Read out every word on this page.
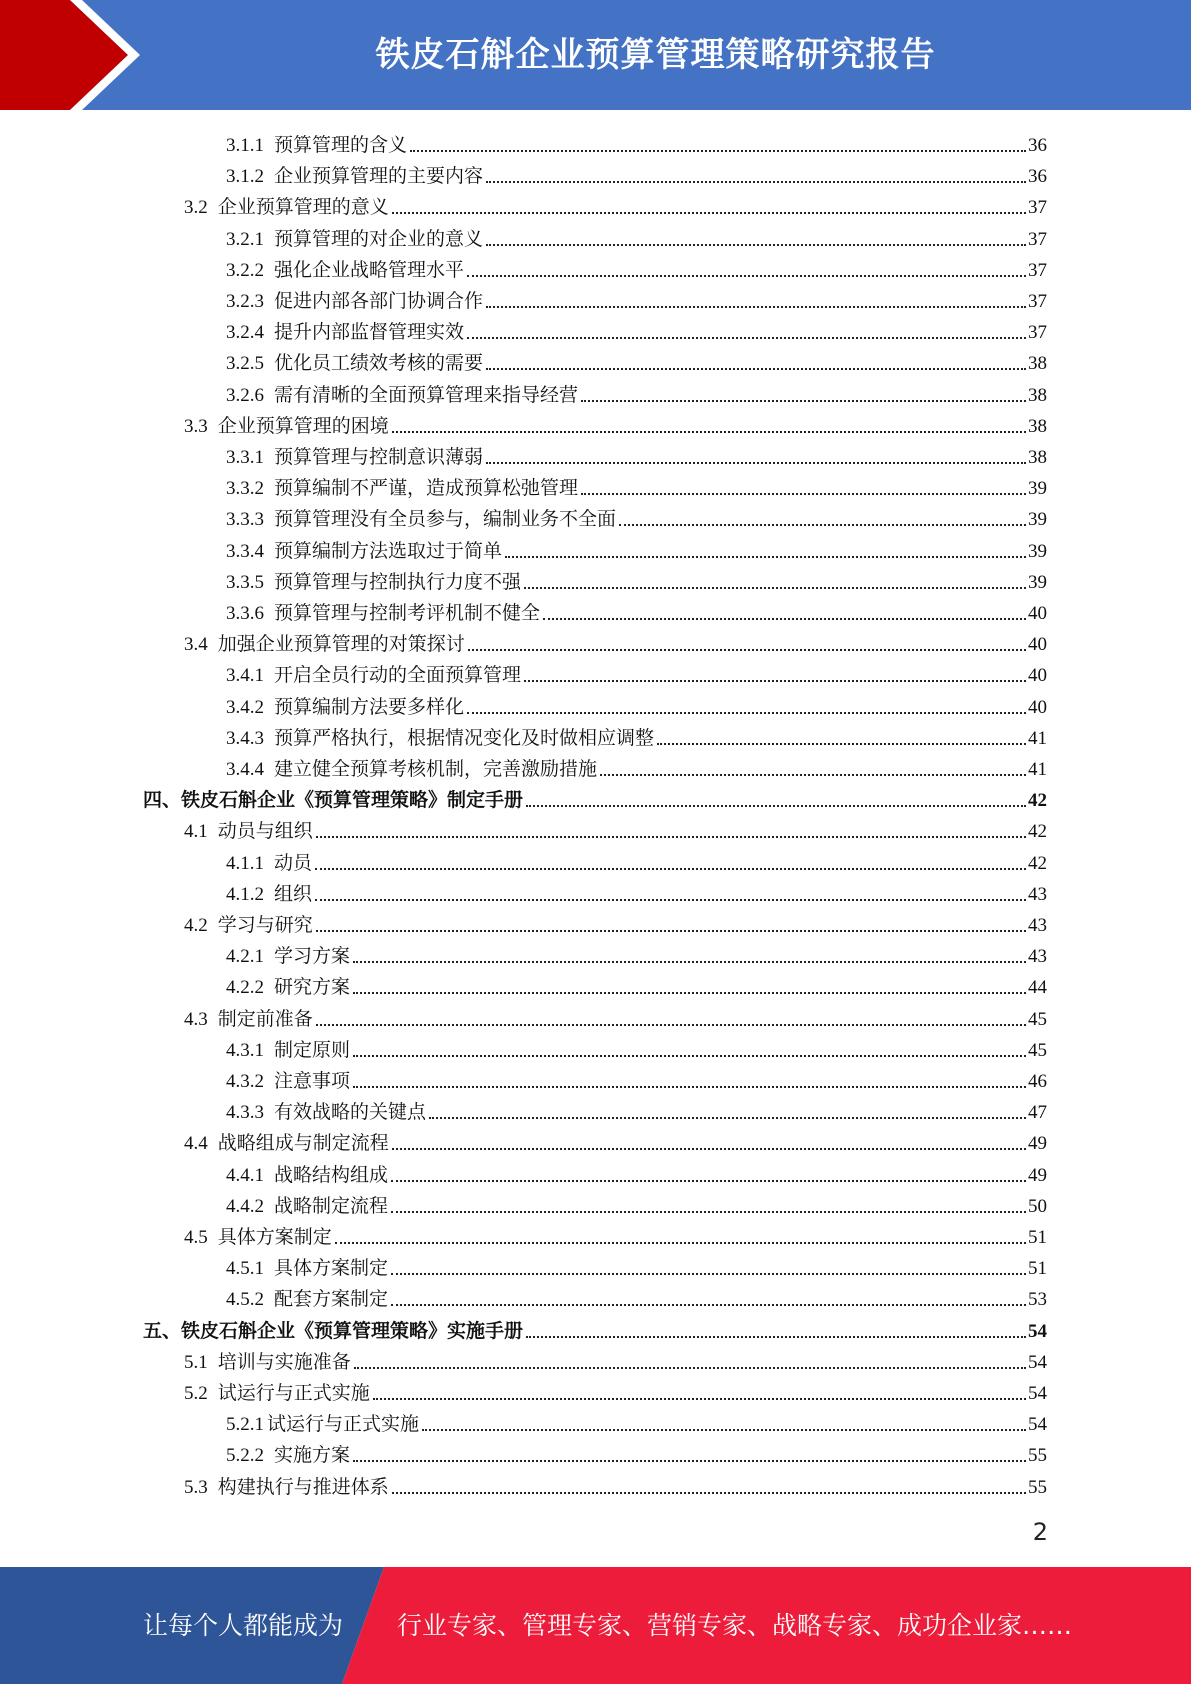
铁皮石斛企业预算管理策略研究报告
3.1.1 预算管理的含义	36
3.1.2 企业预算管理的主要内容	36
3.2 企业预算管理的意义	37
3.2.1 预算管理的对企业的意义	37
3.2.2 强化企业战略管理水平	37
3.2.3 促进内部各部门协调合作	37
3.2.4 提升内部监督管理实效	37
3.2.5 优化员工绩效考核的需要	38
3.2.6 需有清晰的全面预算管理来指导经营	38
3.3 企业预算管理的困境	38
3.3.1 预算管理与控制意识薄弱	38
3.3.2 预算编制不严谨，造成预算松弛管理	39
3.3.3 预算管理没有全员参与，编制业务不全面	39
3.3.4 预算编制方法选取过于简单	39
3.3.5 预算管理与控制执行力度不强	39
3.3.6 预算管理与控制考评机制不健全	40
3.4 加强企业预算管理的对策探讨	40
3.4.1 开启全员行动的全面预算管理	40
3.4.2 预算编制方法要多样化	40
3.4.3 预算严格执行，根据情况变化及时做相应调整	41
3.4.4 建立健全预算考核机制，完善激励措施	41
四、铁皮石斛企业《预算管理策略》制定手册	42
4.1 动员与组织	42
4.1.1 动员	42
4.1.2 组织	43
4.2 学习与研究	43
4.2.1 学习方案	43
4.2.2 研究方案	44
4.3 制定前准备	45
4.3.1 制定原则	45
4.3.2 注意事项	46
4.3.3 有效战略的关键点	47
4.4 战略组成与制定流程	49
4.4.1 战略结构组成	49
4.4.2 战略制定流程	50
4.5 具体方案制定	51
4.5.1 具体方案制定	51
4.5.2 配套方案制定	53
五、铁皮石斛企业《预算管理策略》实施手册	54
5.1 培训与实施准备	54
5.2 试运行与正式实施	54
5.2.1 试运行与正式实施	54
5.2.2 实施方案	55
5.3 构建执行与推进体系	55
2
让每个人都能成为 行业专家、管理专家、营销专家、战略专家、成功企业家……
